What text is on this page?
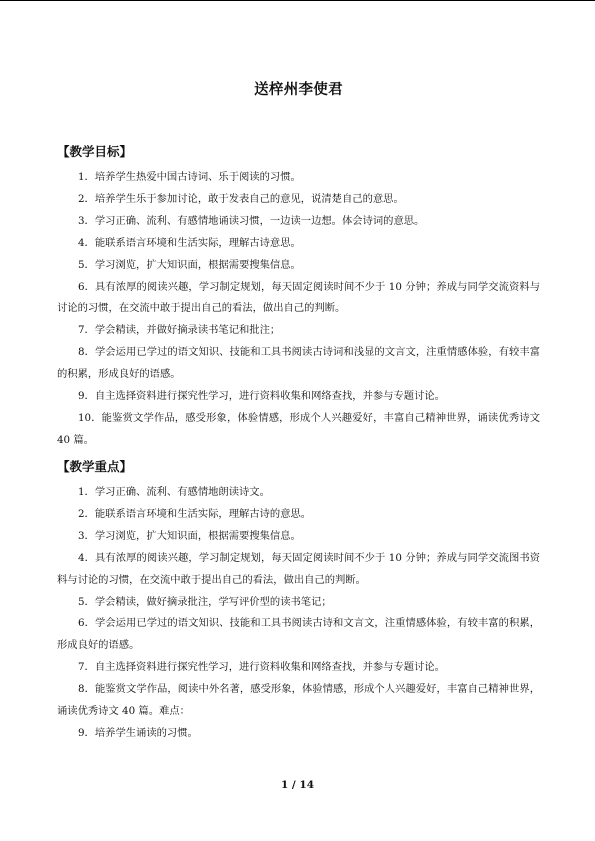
送梓州李使君
【教学目标】
1．培养学生热爱中国古诗词、乐于阅读的习惯。
2．培养学生乐于参加讨论，敢于发表自己的意见，说清楚自己的意思。
3．学习正确、流利、有感情地诵读习惯，一边读一边想。体会诗词的意思。
4．能联系语言环境和生活实际，理解古诗意思。
5．学习浏览，扩大知识面，根据需要搜集信息。
6．具有浓厚的阅读兴趣，学习制定规划，每天固定阅读时间不少于 10 分钟；养成与同学交流资料与讨论的习惯，在交流中敢于提出自己的看法，做出自己的判断。
7．学会精读，并做好摘录读书笔记和批注；
8．学会运用已学过的语文知识、技能和工具书阅读古诗词和浅显的文言文，注重情感体验，有较丰富的积累，形成良好的语感。
9．自主选择资料进行探究性学习，进行资料收集和网络查找，并参与专题讨论。
10．能鉴赏文学作品，感受形象，体验情感，形成个人兴趣爱好，丰富自己精神世界，诵读优秀诗文 40 篇。
【教学重点】
1．学习正确、流利、有感情地朗读诗文。
2．能联系语言环境和生活实际，理解古诗的意思。
3．学习浏览，扩大知识面，根据需要搜集信息。
4．具有浓厚的阅读兴趣，学习制定规划，每天固定阅读时间不少于 10 分钟；养成与同学交流图书资料与讨论的习惯，在交流中敢于提出自己的看法，做出自己的判断。
5．学会精读，做好摘录批注，学写评价型的读书笔记；
6．学会运用已学过的语文知识、技能和工具书阅读古诗和文言文，注重情感体验，有较丰富的积累，形成良好的语感。
7．自主选择资料进行探究性学习，进行资料收集和网络查找，并参与专题讨论。
8．能鉴赏文学作品，阅读中外名著，感受形象，体验情感，形成个人兴趣爱好，丰富自己精神世界，诵读优秀诗文 40 篇。难点：
9．培养学生诵读的习惯。
1 / 14
